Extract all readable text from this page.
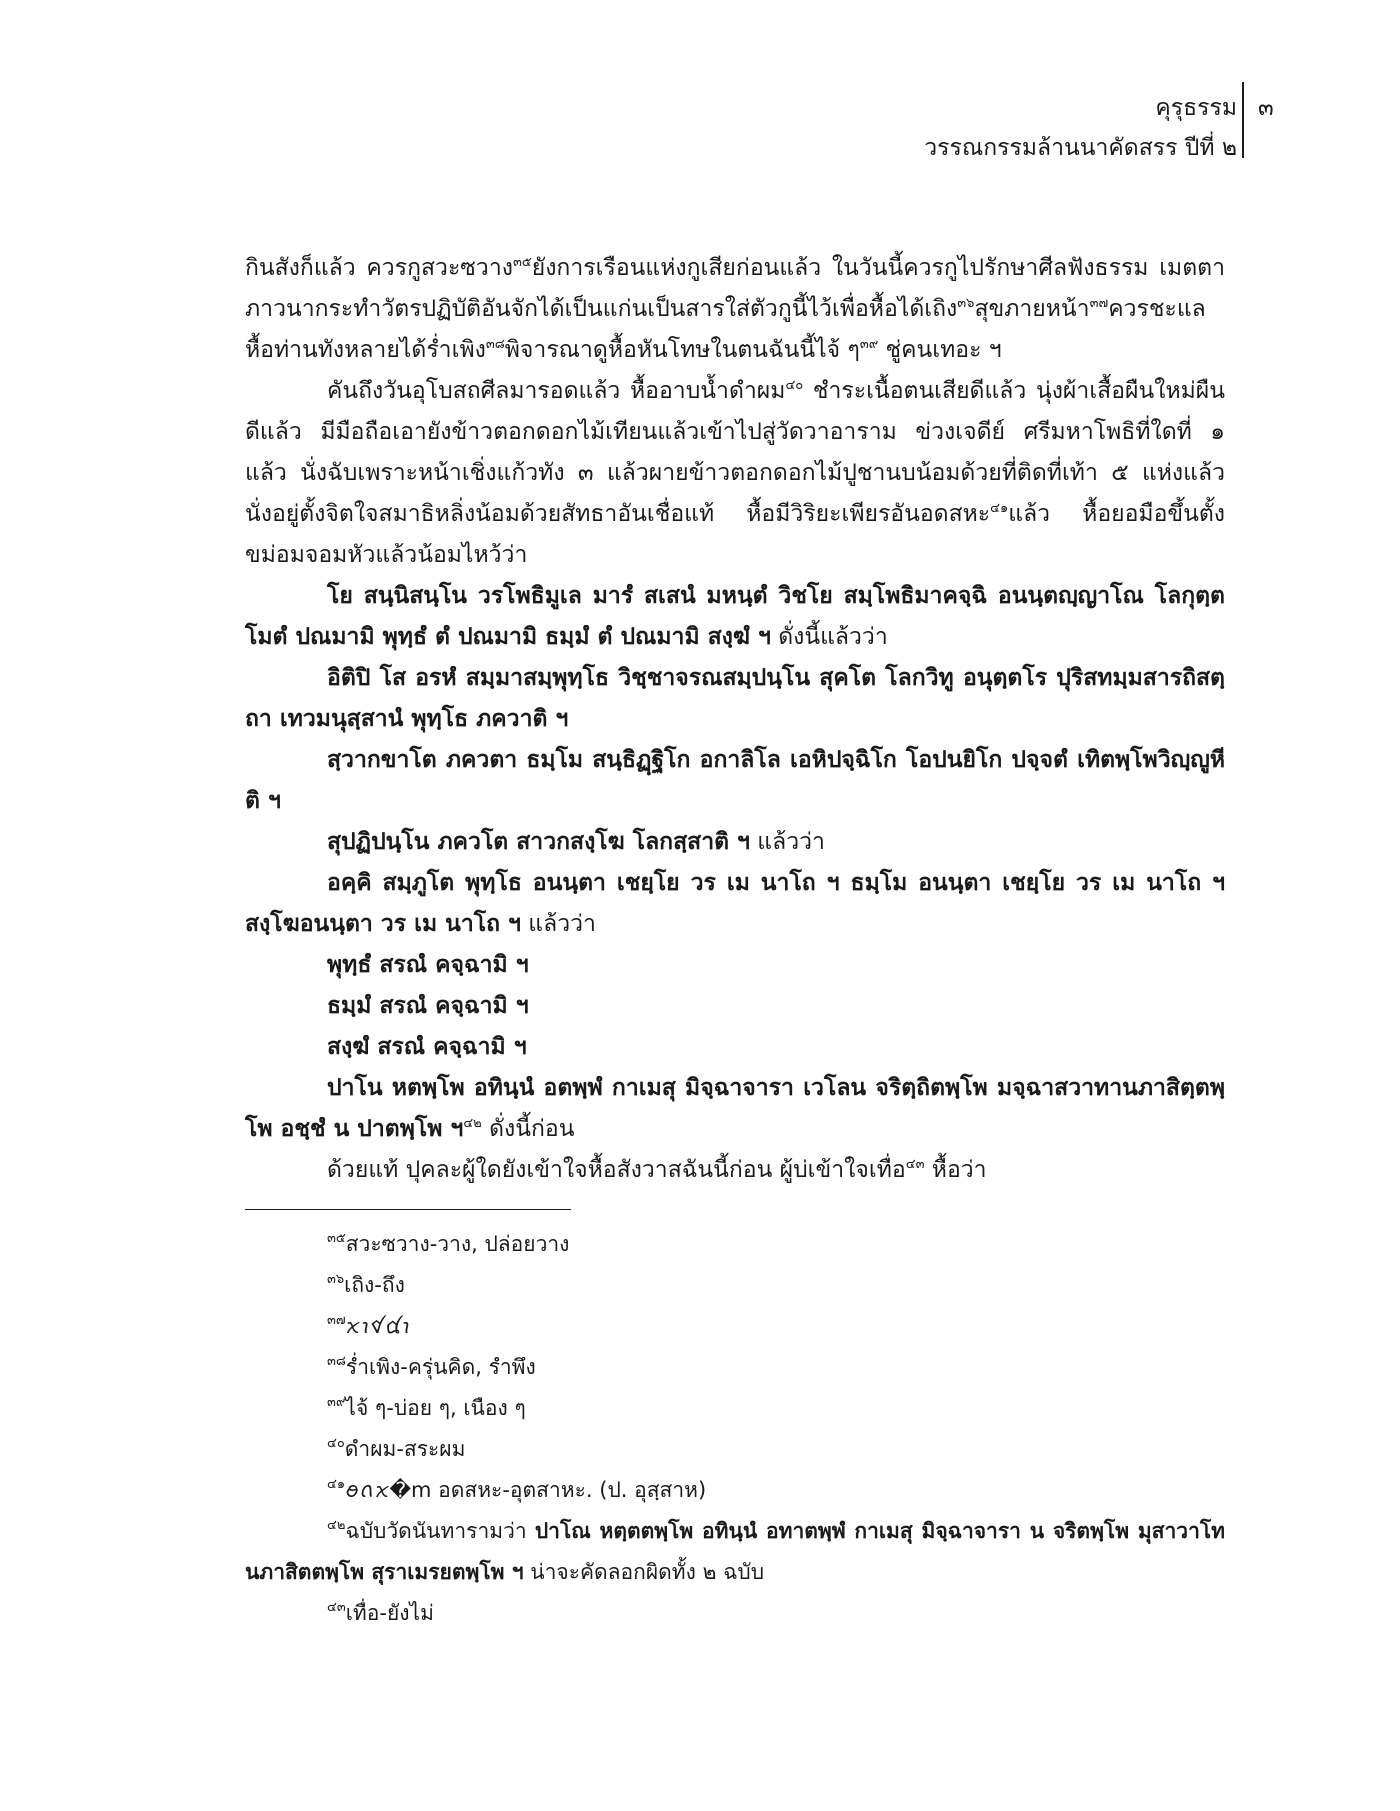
คุรุธรรม
วรรณกรรมล้านนาคัดสรร ปีที่ ๒
๓

กินสังก็แล้ว ควรกูสวะซวาง$^{๓๕}$ยังการเรือนแห่งกูเสียก่อนแล้ว ในวันนี้ควรกูไปรักษาศีลฟังธรรม เมตตาภาวนากระทำวัตรปฏิบัติอันจักได้เป็นแก่นเป็นสารใส่ตัวกูนี้ไว้เพื่อหื้อได้เถิง$^{๓๖}$สุขภายหน้า$^{๓๗}$ควรชะแล หื้อท่านทังหลายได้ร่ำเพิง$^{๓๘}$พิจารณาดูหื้อหันโทษในตนฉันนี้ไจ้ ๆ$^{๓๙}$ ชู่คนเทอะ ฯ

คันถึงวันอุโบสถศีลมารอดแล้ว หื้ออาบน้ำดำผม$^{๔๐}$ ชำระเนื้อตนเสียดีแล้ว นุ่งผ้าเสื้อผืนใหม่ผืนดีแล้ว มีมือถือเอายังข้าวตอกดอกไม้เทียนแล้วเข้าไปสู่วัดวาอาราม ข่วงเจดีย์ ศรีมหาโพธิที่ใดที่ ๑ แล้ว นั่งฉับเพราะหน้าเชิ่งแก้วทัง ๓ แล้วผายข้าวตอกดอกไม้ปูชานบน้อมด้วยที่ติดที่เท้า ๕ แห่งแล้ว นั่งอยู่ตั้งจิตใจสมาธิหลิ่งน้อมด้วยสัทธาอันเชื่อแท้ หื้อมีวิริยะเพียรอันอดสหะ$^{๔๑}$แล้ว หื้อยอมือขึ้นตั้งขม่อมจอมหัวแล้วน้อมไหว้ว่า

โย สนฺนิสนฺโน วรโพธิมูเล มารํ สเสนํ มหนฺตํ วิชโย สมฺโพธิมาคจฺฉิ อนนฺตญฺญาโณ โลกุตฺตโมตํ ปณมามิ พุทฺธํ ตํ ปณมามิ ธมฺมํ ตํ ปณมามิ สงฺฆํ ฯ ดั่งนี้แล้วว่า

อิติปิ โส อรหํ สมฺมาสมฺพุทฺโธ วิชฺชาจรณสมฺปนฺโน สุคโต โลกวิทู อนุตฺตโร ปุริสทมฺมสารถิสตฺถา เทวมนุสฺสานํ พุทฺโธ ภควาติ ฯ

สฺวากขาโต ภควตา ธมฺโม สนฺธิฏฺฐิโก อกาลิโล เอหิปจฺฉิโก โอปนยิโก ปจฺจตํ เทิตพฺโพวิญฺญูหีติ ฯ

สุปฏิปนฺโน ภควโต สาวกสงฺโฆ โลกสฺสาติ ฯ แล้วว่า

อคฺคิ สมฺภูโต พุทฺโธ อนนฺตา เชยฺโย วร เม นาโถ ฯ ธมฺโม อนนฺตา เชยฺโย วร เม นาโถ ฯ สงฺโฆอนนฺตา วร เม นาโถ ฯ แล้วว่า

พุทฺธํ สรณํ คจฺฉามิ ฯ

ธมฺมํ สรณํ คจฺฉามิ ฯ

สงฺฆํ สรณํ คจฺฉามิ ฯ

ปาโน หตพฺโพ อทินฺนํ อตพฺพํ กาเมสุ มิจฺฉาจารา เวโลน จริตฺถิตพฺโพ มจฺฉาสวาทานภาสิตฺตพฺโพ อชฺชํ น ปาตพฺโพ ฯ$^{๔๒}$ ดั่งนี้ก่อน

ด้วยแท้ ปุคละผู้ใดยังเข้าใจหื้อสังวาสฉันนี้ก่อน ผู้บ่เข้าใจเทื่อ$^{๔๓}$ หื้อว่า

$^{๓๕}$สวะซวาง-วาง, ปล่อยวาง

$^{๓๖}$เถิง-ถึง

$^{๓๗}$ꪎꪱꪥꪠꪱ

$^{๓๘}$ร่ำเพิง-ครุ่นคิด, รำพึง

$^{๓๙}$ไจ้ ๆ-บ่อย ๆ, เนือง ๆ

$^{๔๐}$ดำผม-สระผม

$^{๔๑}$ꪮꪒꪎ�m อดสหะ-อุตสาหะ. (ป. อุสฺสาห)

$^{๔๒}$ฉบับวัดนันทารามว่า ปาโณ หตฺตตพฺโพ อทินฺนํ อทาตพฺพํ กาเมสุ มิจฺฉาจารา น จริตพฺโพ มุสาวาโท นภาสิตตพฺโพ สุราเมรยตพฺโพ ฯ น่าจะคัดลอกผิดทั้ง ๒ ฉบับ

$^{๔๓}$เทื่อ-ยังไม่
